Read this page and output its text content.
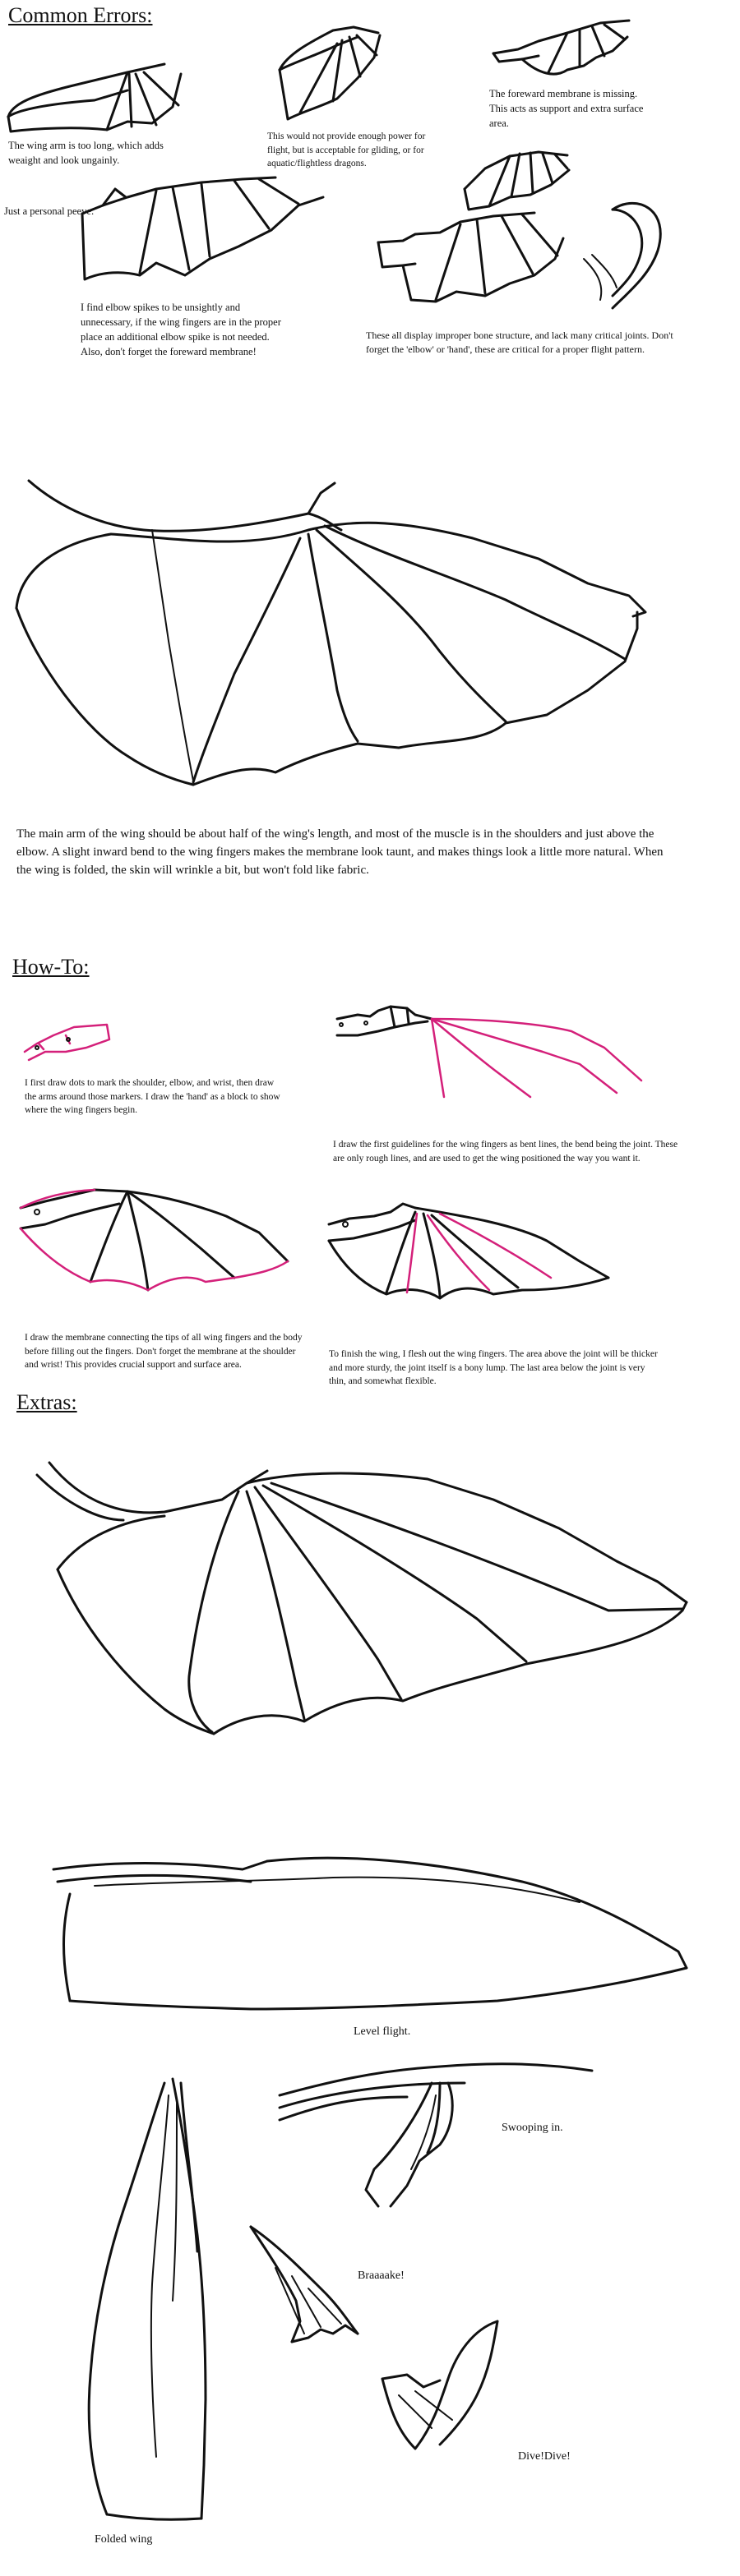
Common Errors:

The wing arm is too long, which adds weaight and look ungainly.

This would not provide enough power for flight, but is acceptable for gliding, or for aquatic/flightless dragons.

The foreward membrane is missing. This acts as support and extra surface area.

Just a personal peeve:

I find elbow spikes to be unsightly and unnecessary, if the wing fingers are in the proper place an additional elbow spike is not needed. Also, don't forget the foreward membrane!

These all display improper bone structure, and lack many critical joints. Don't forget the 'elbow' or 'hand', these are critical for a proper flight pattern.

The main arm of the wing should be about half of the wing's length, and most of the muscle is in the shoulders and just above the elbow. A slight inward bend to the wing fingers makes the membrane look taunt, and makes things look a little more natural. When the wing is folded, the skin will wrinkle a bit, but won't fold like fabric.

How-To:

I first draw dots to mark the shoulder, elbow, and wrist, then draw the arms around those markers. I draw the 'hand' as a block to show where the wing fingers begin.

I draw the first guidelines for the wing fingers as bent lines, the bend being the joint. These are only rough lines, and are used to get the wing positioned the way you want it.

I draw the membrane connecting the tips of all wing fingers and the body before filling out the fingers. Don't forget the membrane at the shoulder and wrist! This provides crucial support and surface area.

To finish the wing, I flesh out the wing fingers. The area above the joint will be thicker and more sturdy, the joint itself is a bony lump. The last area below the joint is very thin, and somewhat flexible.

Extras:

Level flight.

Swooping in.

Braaaake!

Dive!Dive!

Folded wing
